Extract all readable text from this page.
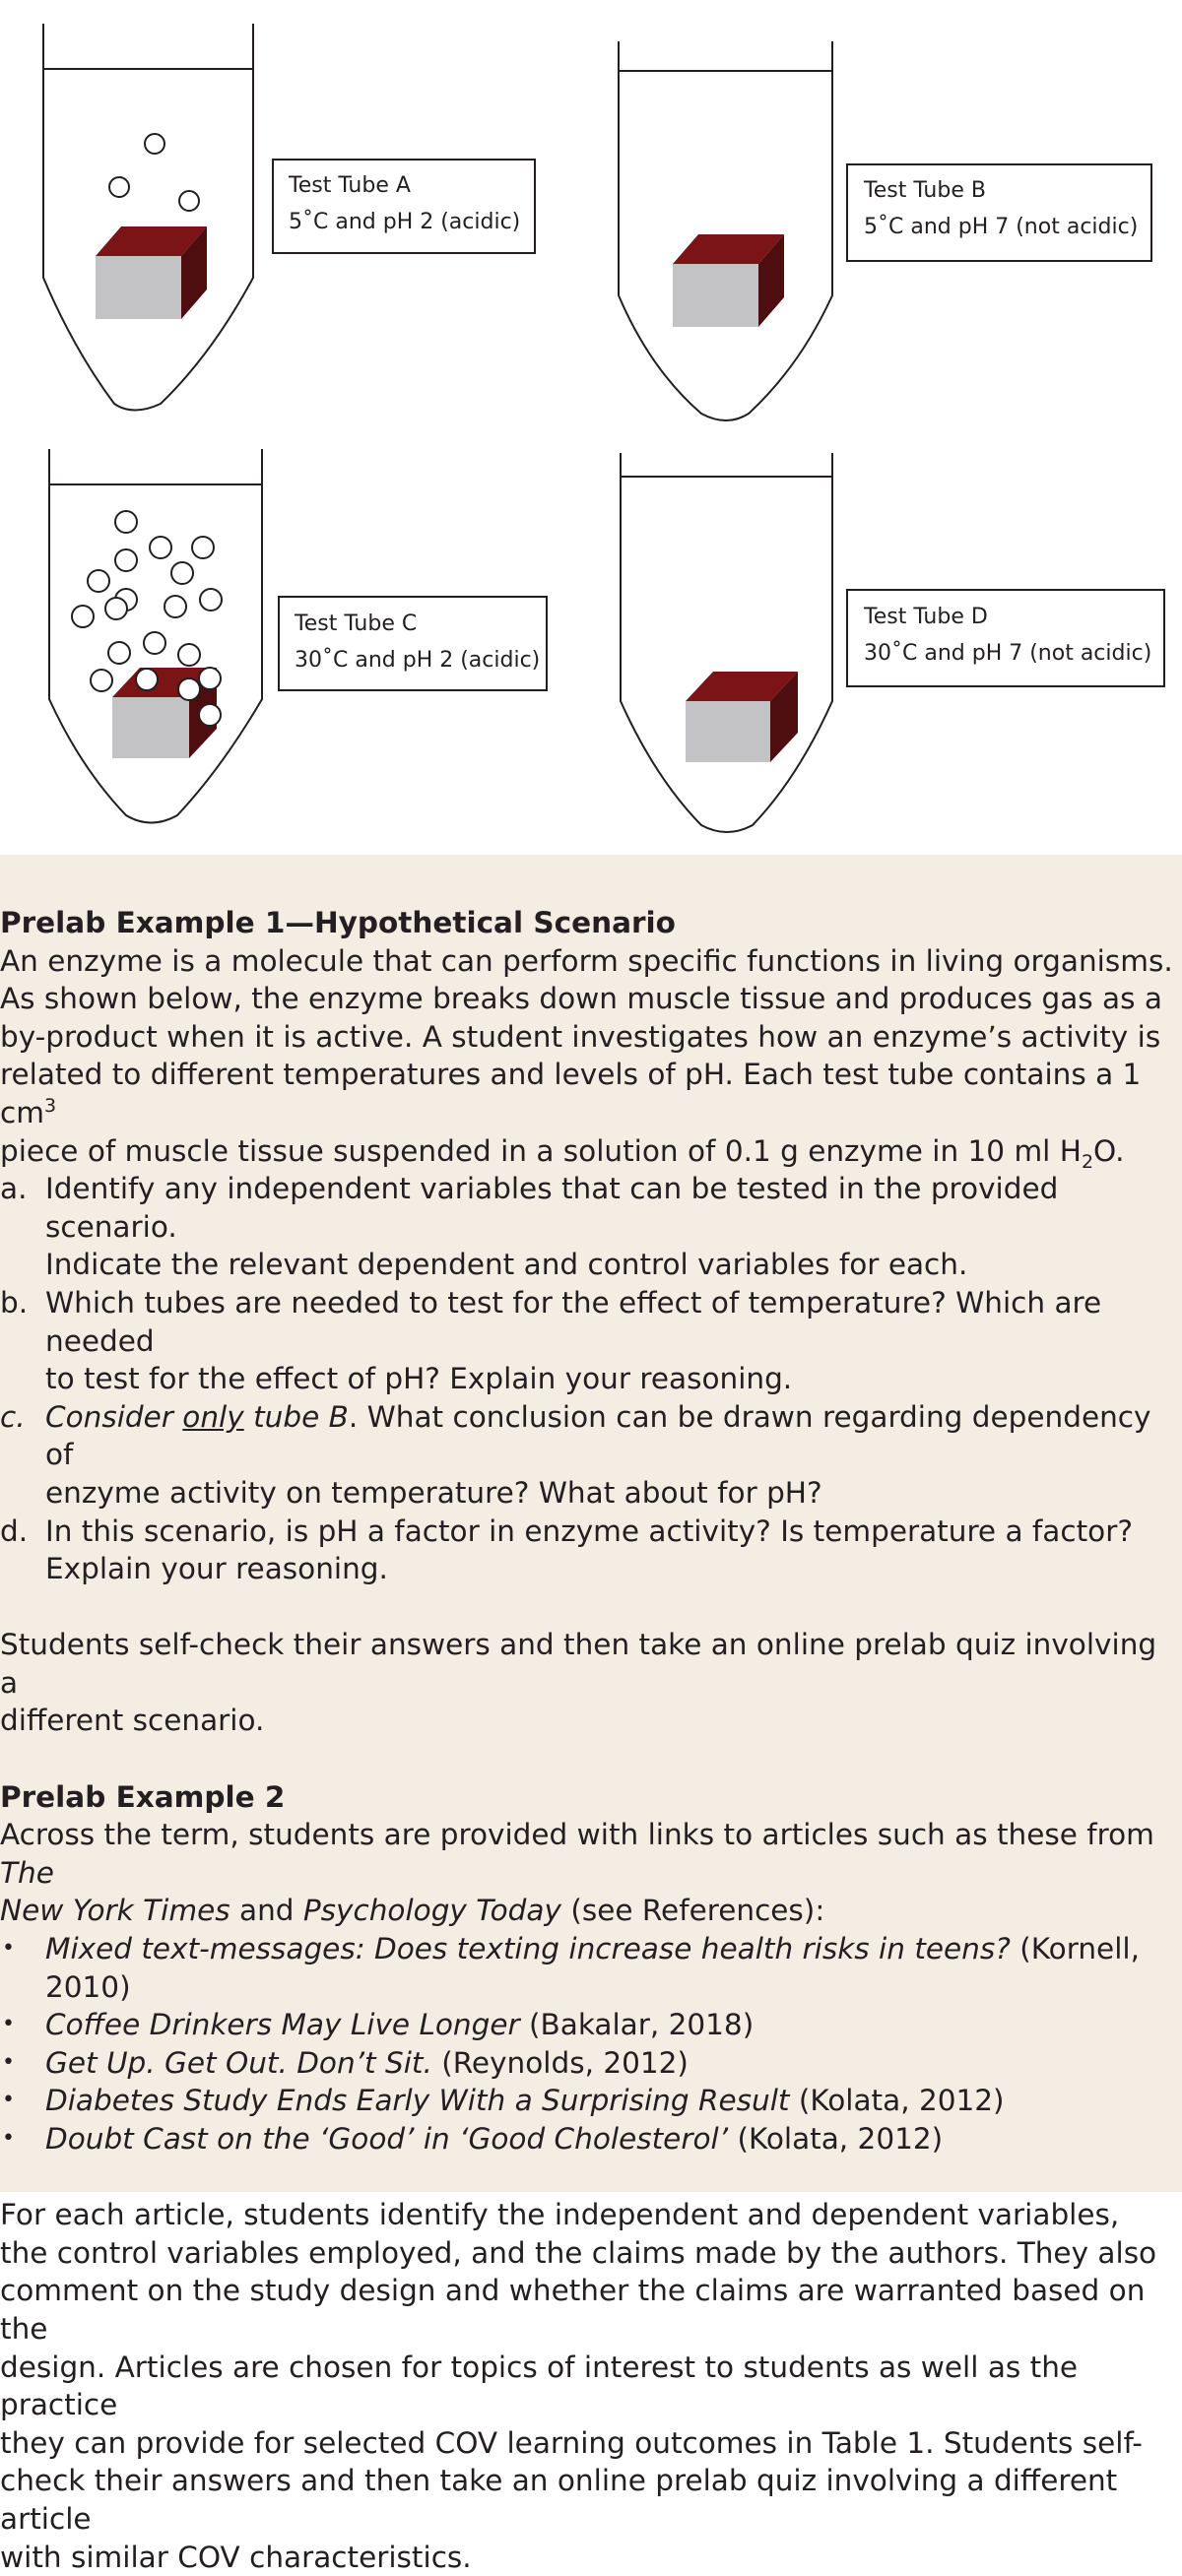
Test Tube A
5˚C and pH 2 (acidic)
Test Tube B
5˚C and pH 7 (not acidic)
Test Tube C
30˚C and pH 2 (acidic)
Test Tube D
30˚C and pH 7 (not acidic)

Prelab Example 1—Hypothetical Scenario

An enzyme is a molecule that can perform specific functions in living organisms.
As shown below, the enzyme breaks down muscle tissue and produces gas as a
by-product when it is active. A student investigates how an enzyme’s activity is
related to different temperatures and levels of pH. Each test tube contains a 1 $cm^3$
piece of muscle tissue suspended in a solution of 0.1 g enzyme in 10 ml $H_2O$.

a. Identify any independent variables that can be tested in the provided scenario.
Indicate the relevant dependent and control variables for each.
b. Which tubes are needed to test for the effect of temperature? Which are needed
to test for the effect of pH? Explain your reasoning.
c. Consider only tube B. What conclusion can be drawn regarding dependency of
enzyme activity on temperature? What about for pH?
d. In this scenario, is pH a factor in enzyme activity? Is temperature a factor?
Explain your reasoning.

Students self-check their answers and then take an online prelab quiz involving a
different scenario.

Prelab Example 2

Across the term, students are provided with links to articles such as these from The
New York Times and Psychology Today (see References):

• Mixed text-messages: Does texting increase health risks in teens? (Kornell, 2010)
• Coffee Drinkers May Live Longer (Bakalar, 2018)
• Get Up. Get Out. Don’t Sit. (Reynolds, 2012)
• Diabetes Study Ends Early With a Surprising Result (Kolata, 2012)
• Doubt Cast on the ‘Good’ in ‘Good Cholesterol’ (Kolata, 2012)

For each article, students identify the independent and dependent variables,
the control variables employed, and the claims made by the authors. They also
comment on the study design and whether the claims are warranted based on the
design. Articles are chosen for topics of interest to students as well as the practice
they can provide for selected COV learning outcomes in Table 1. Students self-
check their answers and then take an online prelab quiz involving a different article
with similar COV characteristics.
